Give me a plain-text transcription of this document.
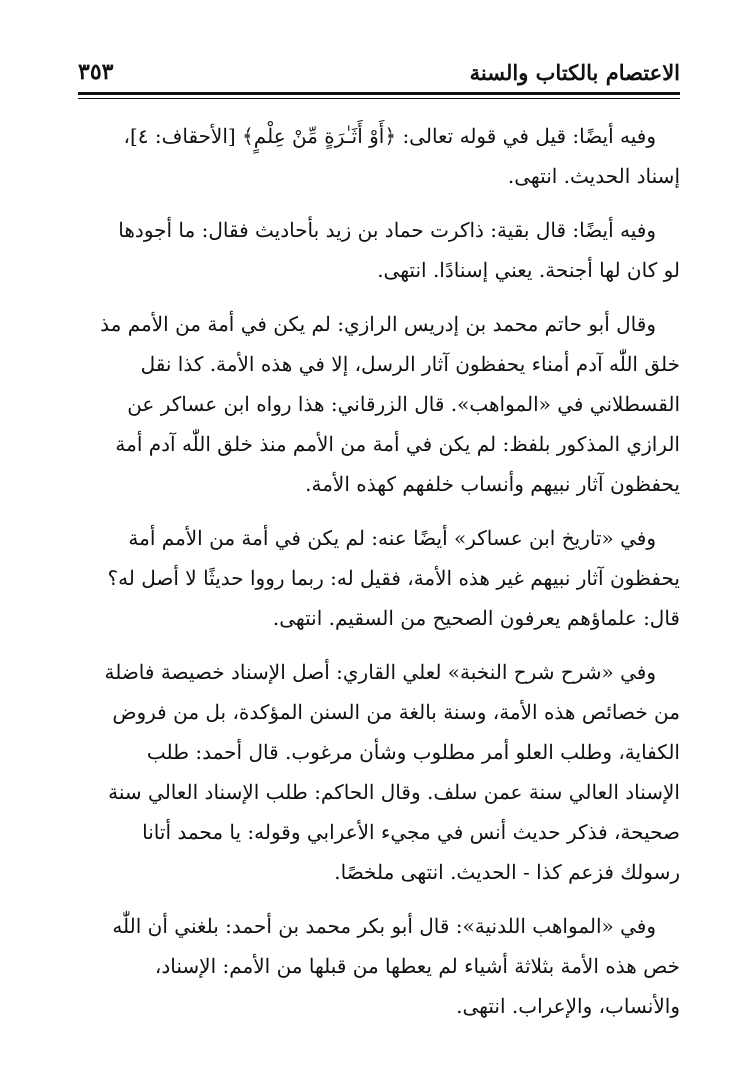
الاعتصام بالكتاب والسنة
٣٥٣
وفيه أيضًا: قيل في قوله تعالى: ﴿أَوْ أَثَـٰرَةٍ مِّنْ عِلْمٍ﴾ [الأحقاف: ٤]،
إسناد الحديث. انتهى.
وفيه أيضًا: قال بقية: ذاكرت حماد بن زيد بأحاديث فقال: ما أجودها
لو كان لها أجنحة. يعني إسنادًا. انتهى.
وقال أبو حاتم محمد بن إدريس الرازي: لم يكن في أمة من الأمم مذ
خلق اللّٰه آدم أمناء يحفظون آثار الرسل، إلا في هذه الأمة. كذا نقل
القسطلاني في «المواهب». قال الزرقاني: هذا رواه ابن عساكر عن
الرازي المذكور بلفظ: لم يكن في أمة من الأمم منذ خلق اللّٰه آدم أمة
يحفظون آثار نبيهم وأنساب خلفهم كهذه الأمة.
وفي «تاريخ ابن عساكر» أيضًا عنه: لم يكن في أمة من الأمم أمة
يحفظون آثار نبيهم غير هذه الأمة، فقيل له: ربما رووا حديثًا لا أصل له؟
قال: علماؤهم يعرفون الصحيح من السقيم. انتهى.
وفي «شرح شرح النخبة» لعلي القاري: أصل الإسناد خصيصة فاضلة
من خصائص هذه الأمة، وسنة بالغة من السنن المؤكدة، بل من فروض
الكفاية، وطلب العلو أمر مطلوب وشأن مرغوب. قال أحمد: طلب
الإسناد العالي سنة عمن سلف. وقال الحاكم: طلب الإسناد العالي سنة
صحيحة، فذكر حديث أنس في مجيء الأعرابي وقوله: يا محمد أتانا
رسولك فزعم كذا - الحديث. انتهى ملخصًا.
وفي «المواهب اللدنية»: قال أبو بكر محمد بن أحمد: بلغني أن اللّٰه
خص هذه الأمة بثلاثة أشياء لم يعطها من قبلها من الأمم: الإسناد،
والأنساب، والإعراب. انتهى.
